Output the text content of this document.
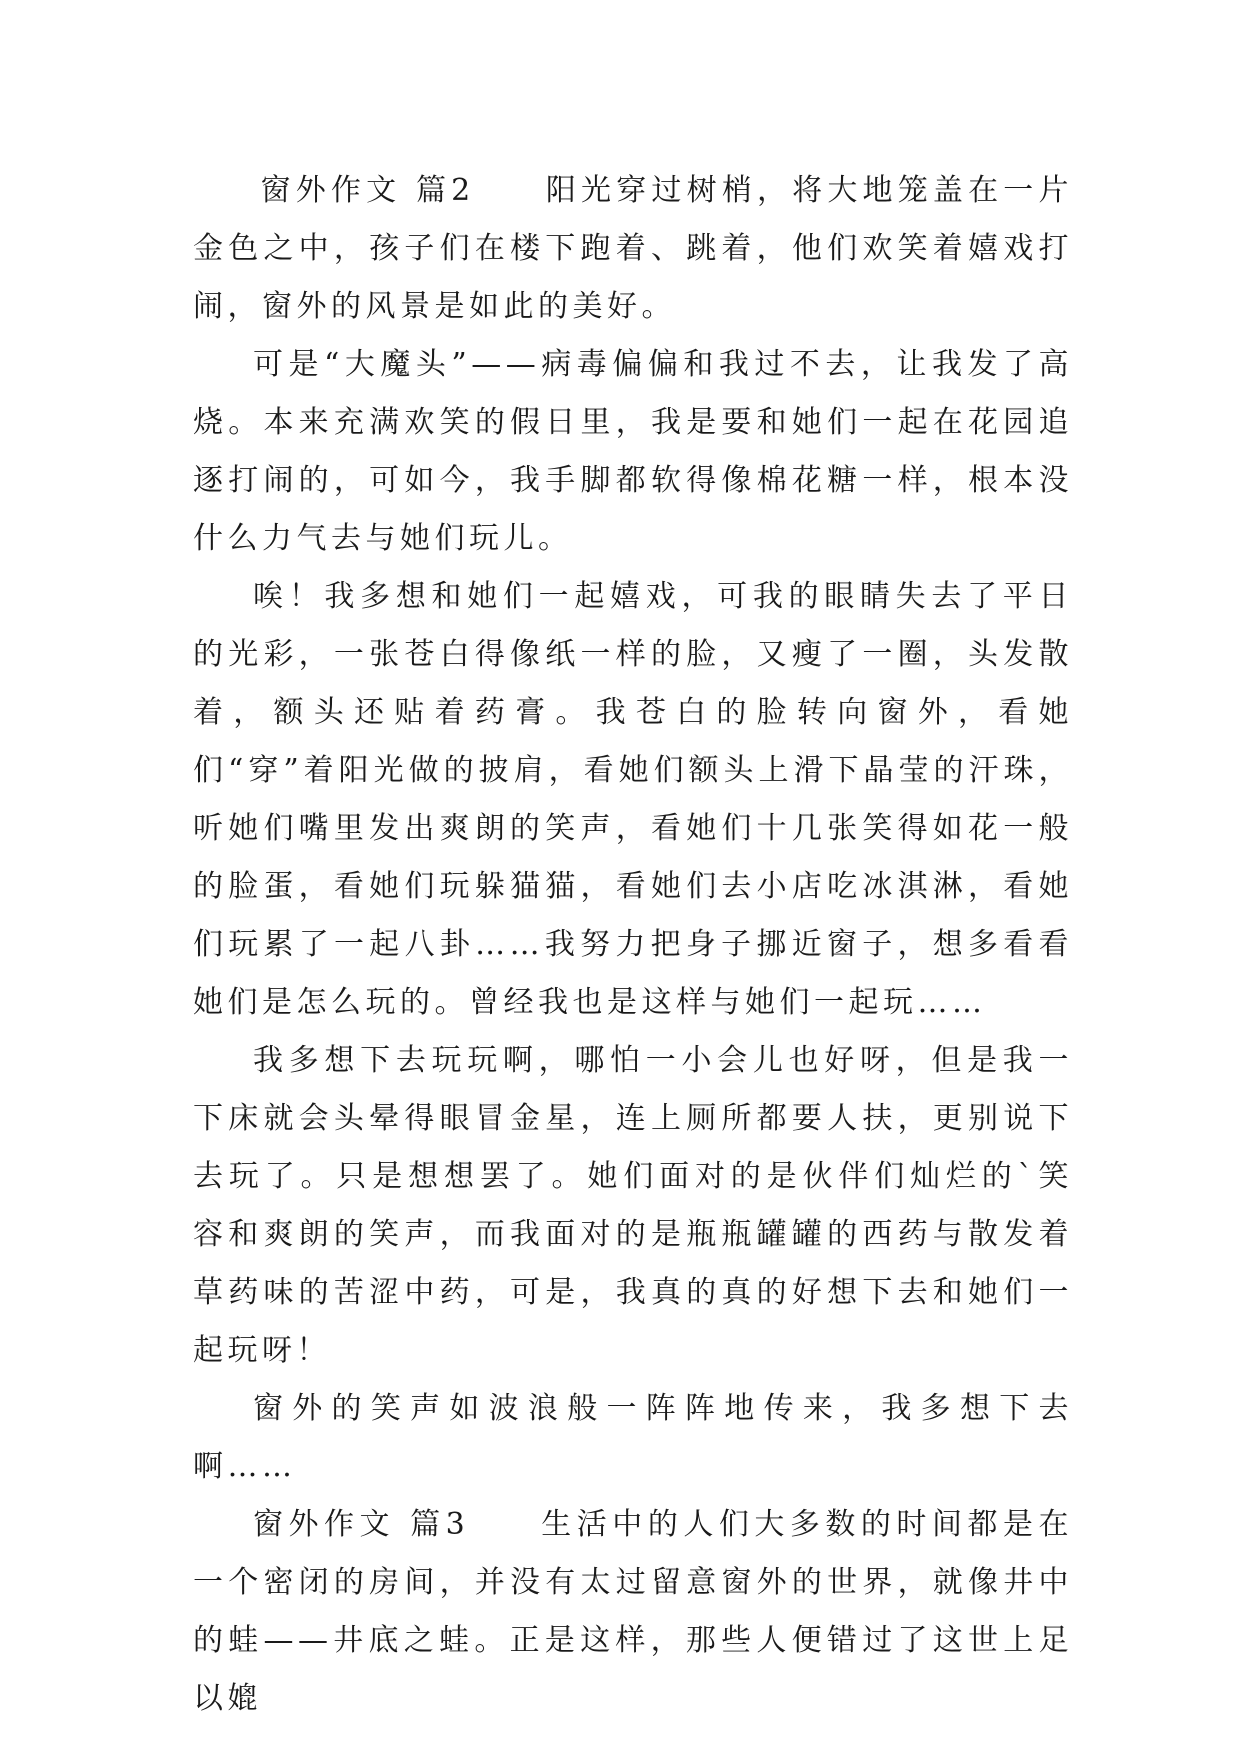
窗外作文 篇2　　阳光穿过树梢，将大地笼盖在一片金色之中，孩子们在楼下跑着、跳着，他们欢笑着嬉戏打闹，窗外的风景是如此的美好。

可是“大魔头”——病毒偏偏和我过不去，让我发了高烧。本来充满欢笑的假日里，我是要和她们一起在花园追逐打闹的，可如今，我手脚都软得像棉花糖一样，根本没什么力气去与她们玩儿。

唉！我多想和她们一起嬉戏，可我的眼睛失去了平日的光彩，一张苍白得像纸一样的脸，又瘦了一圈，头发散着，额头还贴着药膏。我苍白的脸转向窗外，看她们“穿”着阳光做的披肩，看她们额头上滑下晶莹的汗珠，听她们嘴里发出爽朗的笑声，看她们十几张笑得如花一般的脸蛋，看她们玩躲猫猫，看她们去小店吃冰淇淋，看她们玩累了一起八卦……我努力把身子挪近窗子，想多看看她们是怎么玩的。曾经我也是这样与她们一起玩……

我多想下去玩玩啊，哪怕一小会儿也好呀，但是我一下床就会头晕得眼冒金星，连上厕所都要人扶，更别说下去玩了。只是想想罢了。她们面对的是伙伴们灿烂的`笑容和爽朗的笑声，而我面对的是瓶瓶罐罐的西药与散发着草药味的苦涩中药，可是，我真的真的好想下去和她们一起玩呀！

窗外的笑声如波浪般一阵阵地传来，我多想下去啊……

窗外作文 篇3　　生活中的人们大多数的时间都是在一个密闭的房间，并没有太过留意窗外的世界，就像井中的蛙——井底之蛙。正是这样，那些人便错过了这世上足以媲
